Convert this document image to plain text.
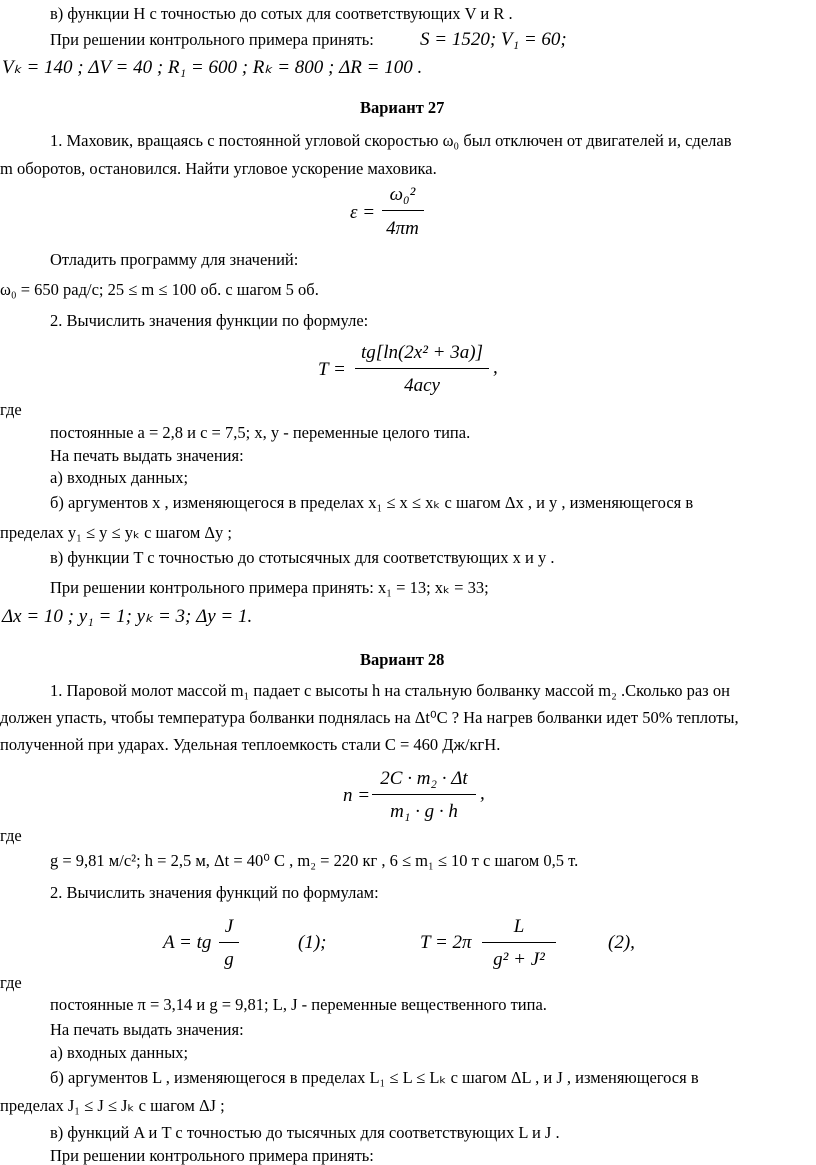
в) функции H с точностью до сотых для соответствующих V и R .
При решении контрольного примера принять: S = 1520; V₁ = 60;
Vₖ = 140 ; ΔV = 40 ; R₁ = 600 ; Rₖ = 800 ; ΔR = 100 .
Вариант 27
1. Маховик, вращаясь с постоянной угловой скоростью ω₀ был отключен от двигателей и, сделав
m оборотов, остановился. Найти угловое ускорение маховика.
ε =
ω₀²
4πm
Отладить программу для значений:
ω₀ = 650 рад/с; 25 ≤ m ≤ 100 об. с шагом 5 об.
2. Вычислить значения функции по формуле:
T =
tg[ln(2x² + 3a)]
4acy
,
где
постоянные a = 2,8 и c = 7,5; x, y - переменные целого типа.
На печать выдать значения:
а) входных данных;
б) аргументов x , изменяющегося в пределах x₁ ≤ x ≤ xₖ с шагом Δx , и y , изменяющегося в
пределах y₁ ≤ y ≤ yₖ с шагом Δy ;
в) функции T с точностью до стотысячных для соответствующих x и y .
При решении контрольного примера принять: x₁ = 13; xₖ = 33;
Δx = 10 ; y₁ = 1; yₖ = 3; Δy = 1.
Вариант 28
1. Паровой молот массой m₁ падает с высоты h на стальную болванку массой m₂ .Сколько раз он
должен упасть, чтобы температура болванки поднялась на Δt⁰C ? На нагрев болванки идет 50% теплоты,
полученной при ударах. Удельная теплоемкость стали C = 460 Дж/кгН.
n =
2C · m₂ · Δt
m₁ · g · h
,
где
g = 9,81 м/с²; h = 2,5 м, Δt = 40⁰ C , m₂ = 220 кг , 6 ≤ m₁ ≤ 10 т с шагом 0,5 т.
2. Вычислить значения функций по формулам:
A = tg
J
g
(1);	T = 2π
L
g² + J²
(2),
где
постоянные π = 3,14 и g = 9,81; L, J - переменные вещественного типа.
На печать выдать значения:
а) входных данных;
б) аргументов L , изменяющегося в пределах L₁ ≤ L ≤ Lₖ с шагом ΔL , и J , изменяющегося в
пределах J₁ ≤ J ≤ Jₖ с шагом ΔJ ;
в) функций A и T с точностью до тысячных для соответствующих L и J .
При решении контрольного примера принять:
